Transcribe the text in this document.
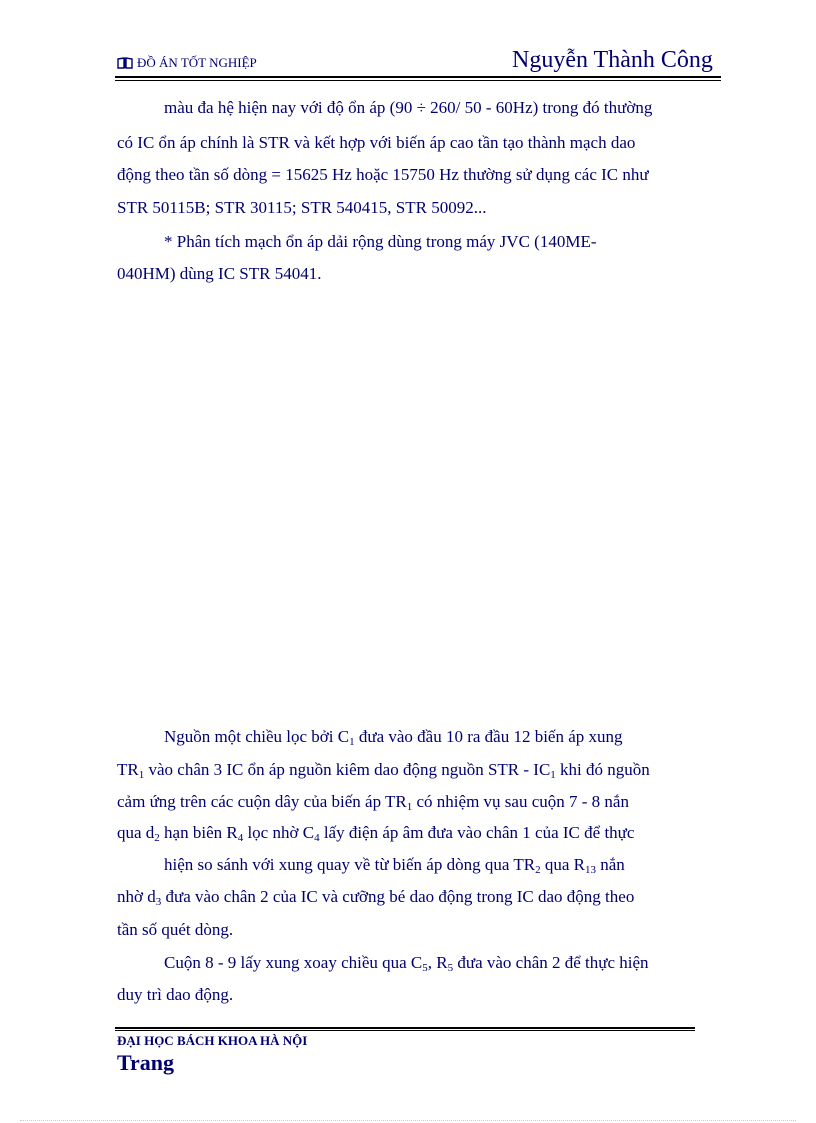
ĐỒ ÁN TỐT NGHIỆP	Nguyễn Thành Công
màu đa hệ hiện nay với độ ổn áp (90 ÷ 260/ 50 - 60Hz) trong đó thường
có IC ổn áp chính là STR và kết hợp với biến áp cao tần tạo thành mạch dao
động theo tần số dòng = 15625 Hz hoặc 15750 Hz thường sử dụng các IC như
STR 50115B; STR 30115; STR 540415, STR 50092...
* Phân tích mạch ổn áp dải rộng dùng trong máy JVC (140ME-
040HM) dùng IC STR 54041.
Nguồn một chiều lọc bởi $C_1$ đưa vào đầu 10 ra đầu 12 biến áp xung
$TR_1$ vào chân 3 IC ổn áp nguồn kiêm dao động nguồn STR - $IC_1$ khi đó nguồn
cảm ứng trên các cuộn dây của biến áp $TR_1$ có nhiệm vụ sau cuộn 7 - 8 nắn
qua $d_2$ hạn biên $R_4$ lọc nhờ $C_4$ lấy điện áp âm đưa vào chân 1 của IC để thực
hiện so sánh với xung quay về từ biến áp dòng qua $TR_2$ qua $R_{13}$ nắn
nhờ $d_3$ đưa vào chân 2 của IC và cưỡng bé dao động trong IC dao động theo
tần số quét dòng.
Cuộn 8 - 9 lấy xung xoay chiều qua $C_5$, $R_5$ đưa vào chân 2 để thực hiện
duy trì dao động.
ĐẠI HỌC BÁCH KHOA HÀ NỘI
Trang
